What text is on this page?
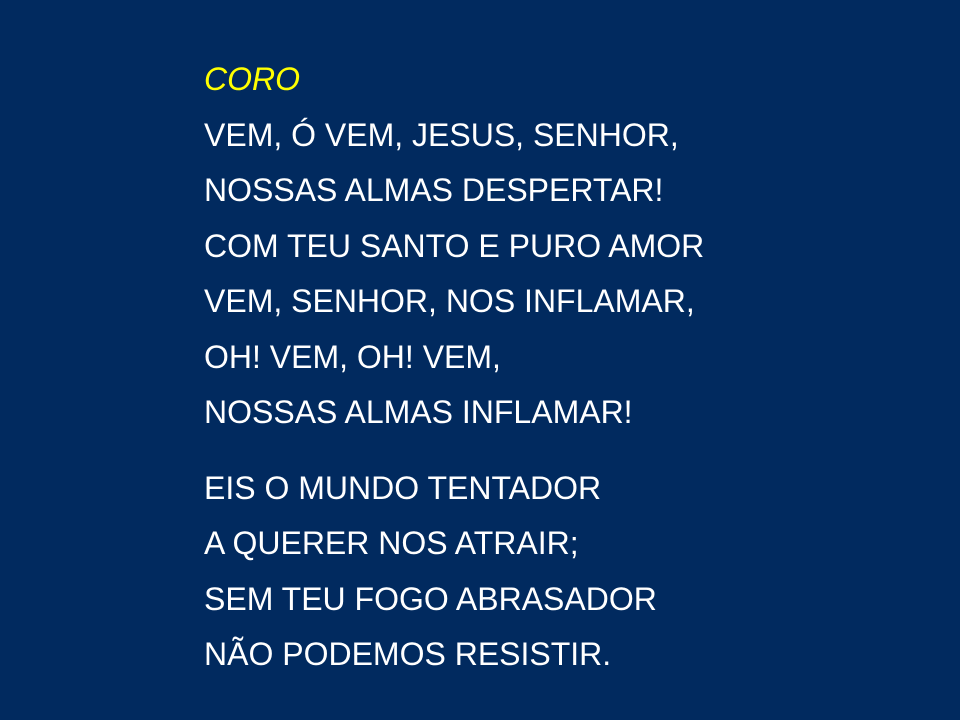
CORO
VEM, Ó VEM, JESUS, SENHOR,
NOSSAS ALMAS DESPERTAR!
COM TEU SANTO E PURO AMOR
VEM, SENHOR, NOS INFLAMAR,
OH! VEM, OH! VEM,
NOSSAS ALMAS INFLAMAR!
EIS O MUNDO TENTADOR
A QUERER NOS ATRAIR;
SEM TEU FOGO ABRASADOR
NÃO PODEMOS RESISTIR.
